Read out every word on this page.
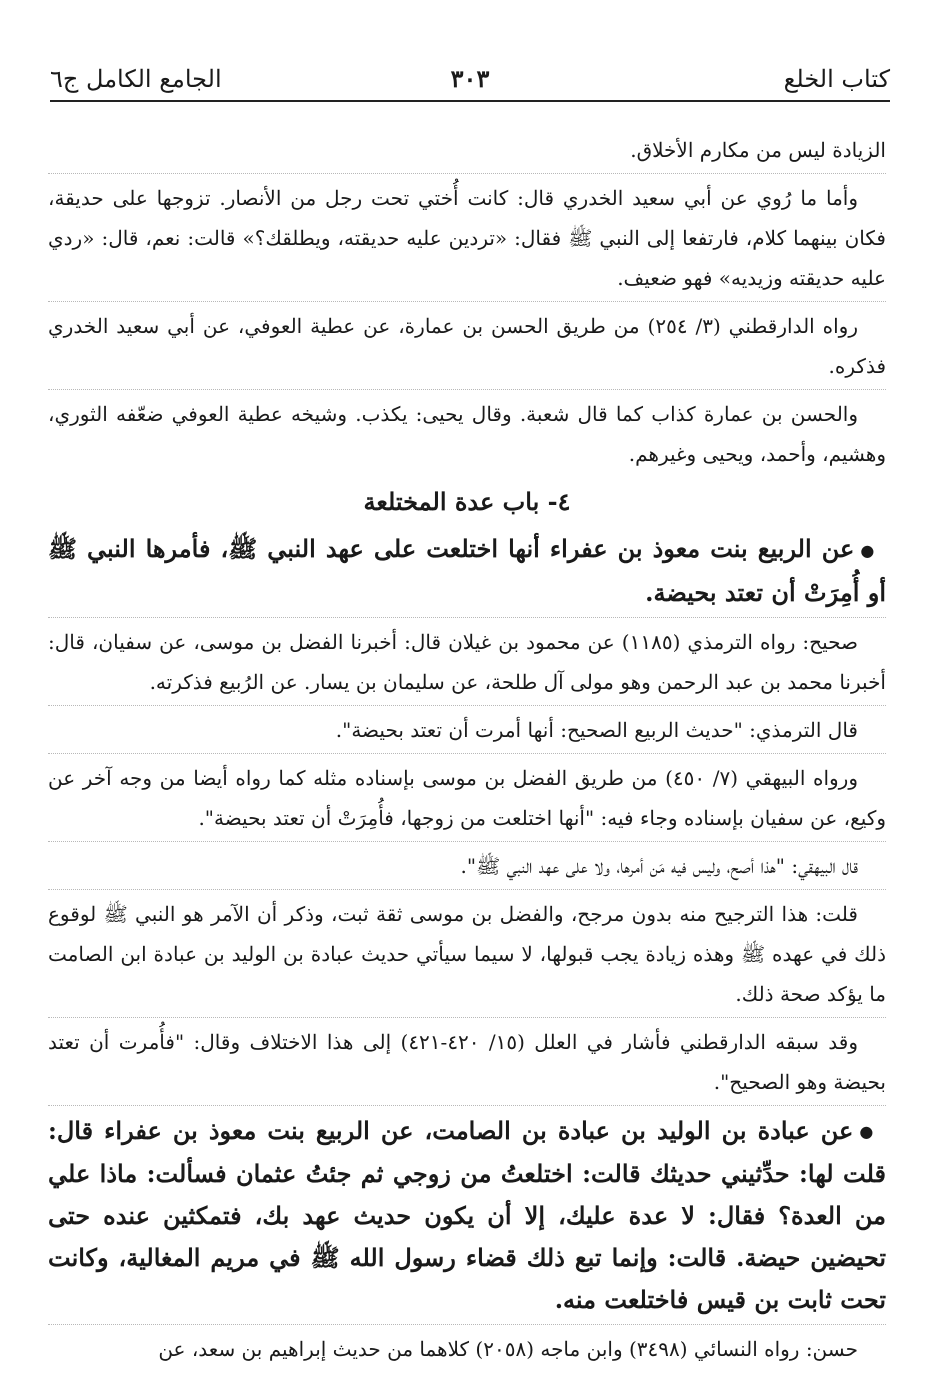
كتاب الخلع
٣٠٣
الجامع الكامل ج٦

الزيادة ليس من مكارم الأخلاق.

وأما ما رُوي عن أبي سعيد الخدري قال: كانت أُختي تحت رجل من الأنصار. تزوجها على حديقة، فكان بينهما كلام، فارتفعا إلى النبي ﷺ فقال: «تردين عليه حديقته، ويطلقك؟» قالت: نعم، قال: «ردي عليه حديقته وزيديه» فهو ضعيف.

رواه الدارقطني (٣/ ٢٥٤) من طريق الحسن بن عمارة، عن عطية العوفي، عن أبي سعيد الخدري فذكره.

والحسن بن عمارة كذاب كما قال شعبة. وقال يحيى: يكذب. وشيخه عطية العوفي ضعّفه الثوري، وهشيم، وأحمد، ويحيى وغيرهم.

٤- باب عدة المختلعة

●عن الربيع بنت معوذ بن عفراء أنها اختلعت على عهد النبي ﷺ، فأمرها النبي ﷺ أو أُمِرَتْ أن تعتد بحيضة.

صحيح: رواه الترمذي (١١٨٥) عن محمود بن غيلان قال: أخبرنا الفضل بن موسى، عن سفيان، قال: أخبرنا محمد بن عبد الرحمن وهو مولى آل طلحة، عن سليمان بن يسار. عن الرُبيع فذكرته.

قال الترمذي: "حديث الربيع الصحيح: أنها أمرت أن تعتد بحيضة".

ورواه البيهقي (٧/ ٤٥٠) من طريق الفضل بن موسى بإسناده مثله كما رواه أيضا من وجه آخر عن وكيع، عن سفيان بإسناده وجاء فيه: "أنها اختلعت من زوجها، فأُمِرَتْ أن تعتد بحيضة".

قال البيهقي: "هذا أصح، وليس فيه مَن أمرها، ولا على عهد النبي ﷺ".

قلت: هذا الترجيح منه بدون مرجح، والفضل بن موسى ثقة ثبت، وذكر أن الآمر هو النبي ﷺ لوقوع ذلك في عهده ﷺ وهذه زيادة يجب قبولها، لا سيما سيأتي حديث عبادة بن الوليد بن عبادة ابن الصامت ما يؤكد صحة ذلك.

وقد سبقه الدارقطني فأشار في العلل (١٥/ ٤٢٠-٤٢١) إلى هذا الاختلاف وقال: "فأُمرت أن تعتد بحيضة وهو الصحيح".

●عن عبادة بن الوليد بن عبادة بن الصامت، عن الربيع بنت معوذ بن عفراء قال: قلت لها: حدِّثيني حديثك قالت: اختلعتُ من زوجي ثم جئتُ عثمان فسألت: ماذا علي من العدة؟ فقال: لا عدة عليك، إلا أن يكون حديث عهد بك، فتمكثين عنده حتى تحيضين حيضة. قالت: وإنما تبع ذلك قضاء رسول الله ﷺ في مريم المغالية، وكانت تحت ثابت بن قيس فاختلعت منه.

حسن: رواه النسائي (٣٤٩٨) وابن ماجه (٢٠٥٨) كلاهما من حديث إبراهيم بن سعد، عن
